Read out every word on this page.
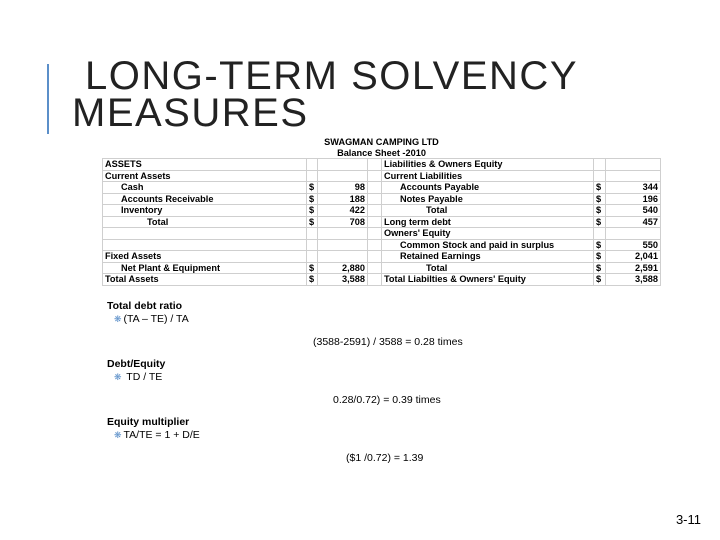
LONG-TERM SOLVENCY
MEASURES
SWAGMAN CAMPING LTD						
Balance Sheet -2010						
ASSETS				Liabilities & Owners Equity		
Current Assets				Current Liabilities		
Cash	$	98		Accounts Payable	$	344
Accounts Receivable	$	188		Notes Payable	$	196
Inventory	$	422		Total	$	540
Total	$	708		Long term debt	$	457
				Owners' Equity		
				Common Stock and paid in surplus	$	550
Fixed Assets				Retained Earnings	$	2,041
Net Plant & Equipment	$	2,880		Total	$	2,591
Total Assets	$	3,588		Total Liabilties & Owners' Equity	$	3,588
Total debt ratio
❋ (TA – TE) / TA
(3588-2591) / 3588 = 0.28 times
Debt/Equity
❋ TD / TE
0.28/0.72) = 0.39 times
Equity multiplier
❋ TA/TE = 1 + D/E
($1 /0.72) = 1.39
3-11
